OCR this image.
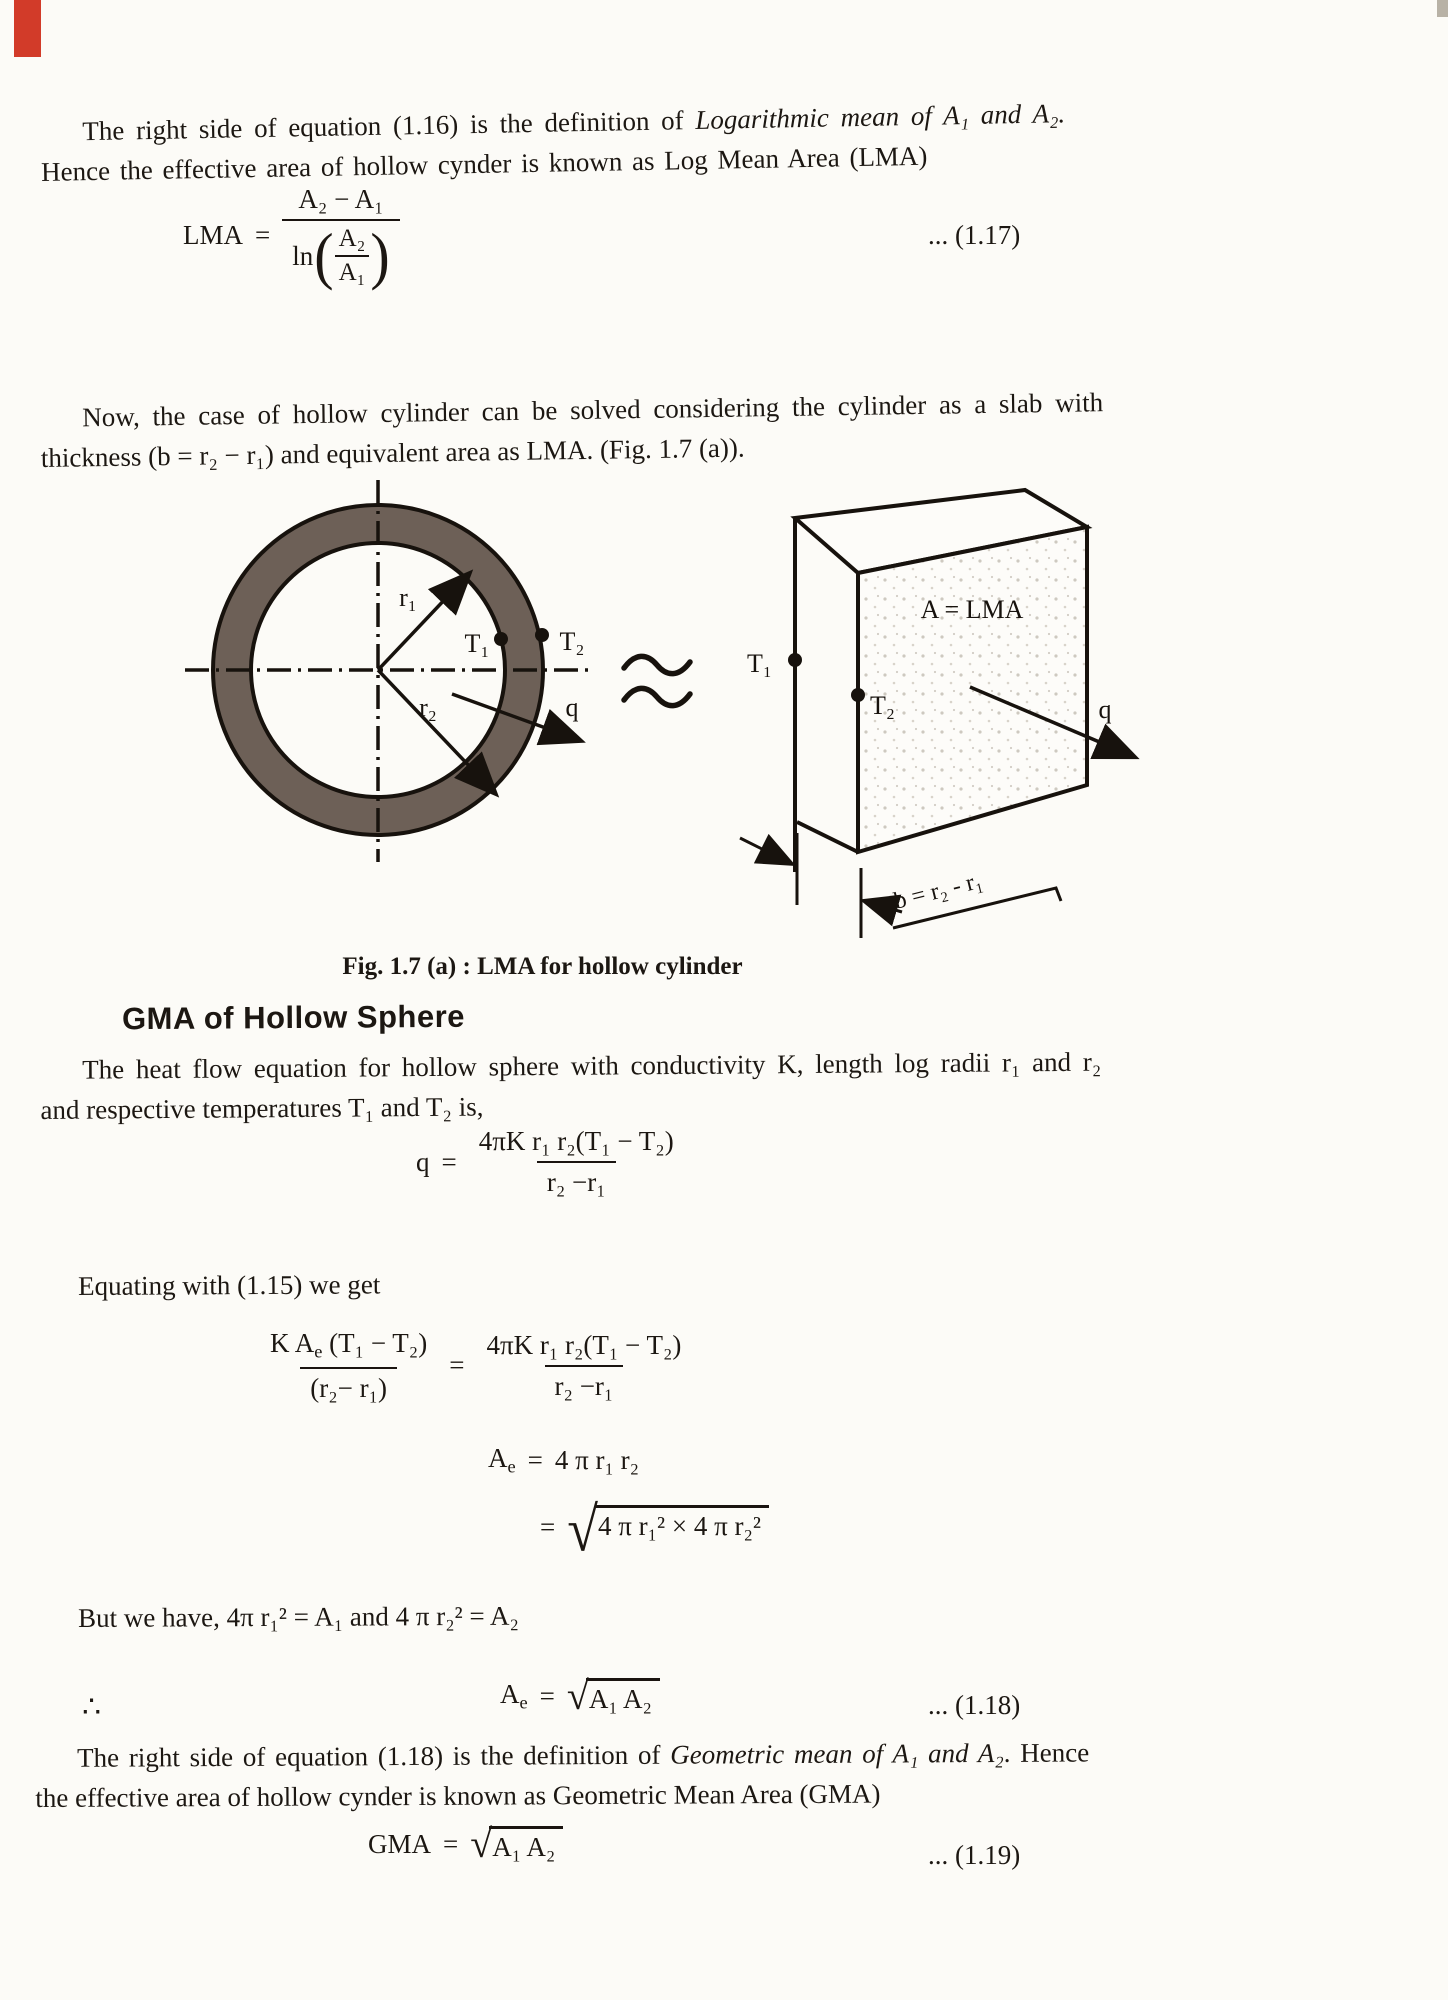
The right side of equation (1.16) is the definition of Logarithmic mean of A₁ and A₂.
Hence the effective area of hollow cynder is known as Log Mean Area (LMA)
LMA =
A₂ − A₁
ln ( $\frac{\text{A₂}}{\text{A₁}}$ )	... (1.17)
Now, the case of hollow cylinder can be solved considering the cylinder as a slab with
thickness (b = r₂ − r₁) and equivalent area as LMA. (Fig. 1.7 (a)).
r₁
r₂
T₁	T₂
q
T₁
T₂
A = LMA
q
b = r₂ - r₁
Fig. 1.7 (a) : LMA for hollow cylinder
GMA of Hollow Sphere
The heat flow equation for hollow sphere with conductivity K, length log radii r₁ and r₂
and respective temperatures T₁ and T₂ is,
$q = \frac{\text{4πK r₁ r₂(T₁ − T₂)}}{\text{r₂ −r₁}}$
Equating with (1.15) we get
$\frac{K A_e (T_1 - T_2)}{\text{(r₂− r₁)}} = \frac{\text{4πK r₁ r₂(T₁ − T₂)}}{\text{r₂ −r₁}}$
$A_e = 4$ π r₁ r₂
= √ 4 π r₁² × 4 π r₂²
But we have, 4π r₁² = A₁ and 4 π r₂² = A₂
∴	$A_e$ = √ A₁ A₂	... (1.18)
The right side of equation (1.18) is the definition of Geometric mean of A₁ and A₂. Hence
the effective area of hollow cynder is known as Geometric Mean Area (GMA)
GMA = √ A₁ A₂	... (1.19)
